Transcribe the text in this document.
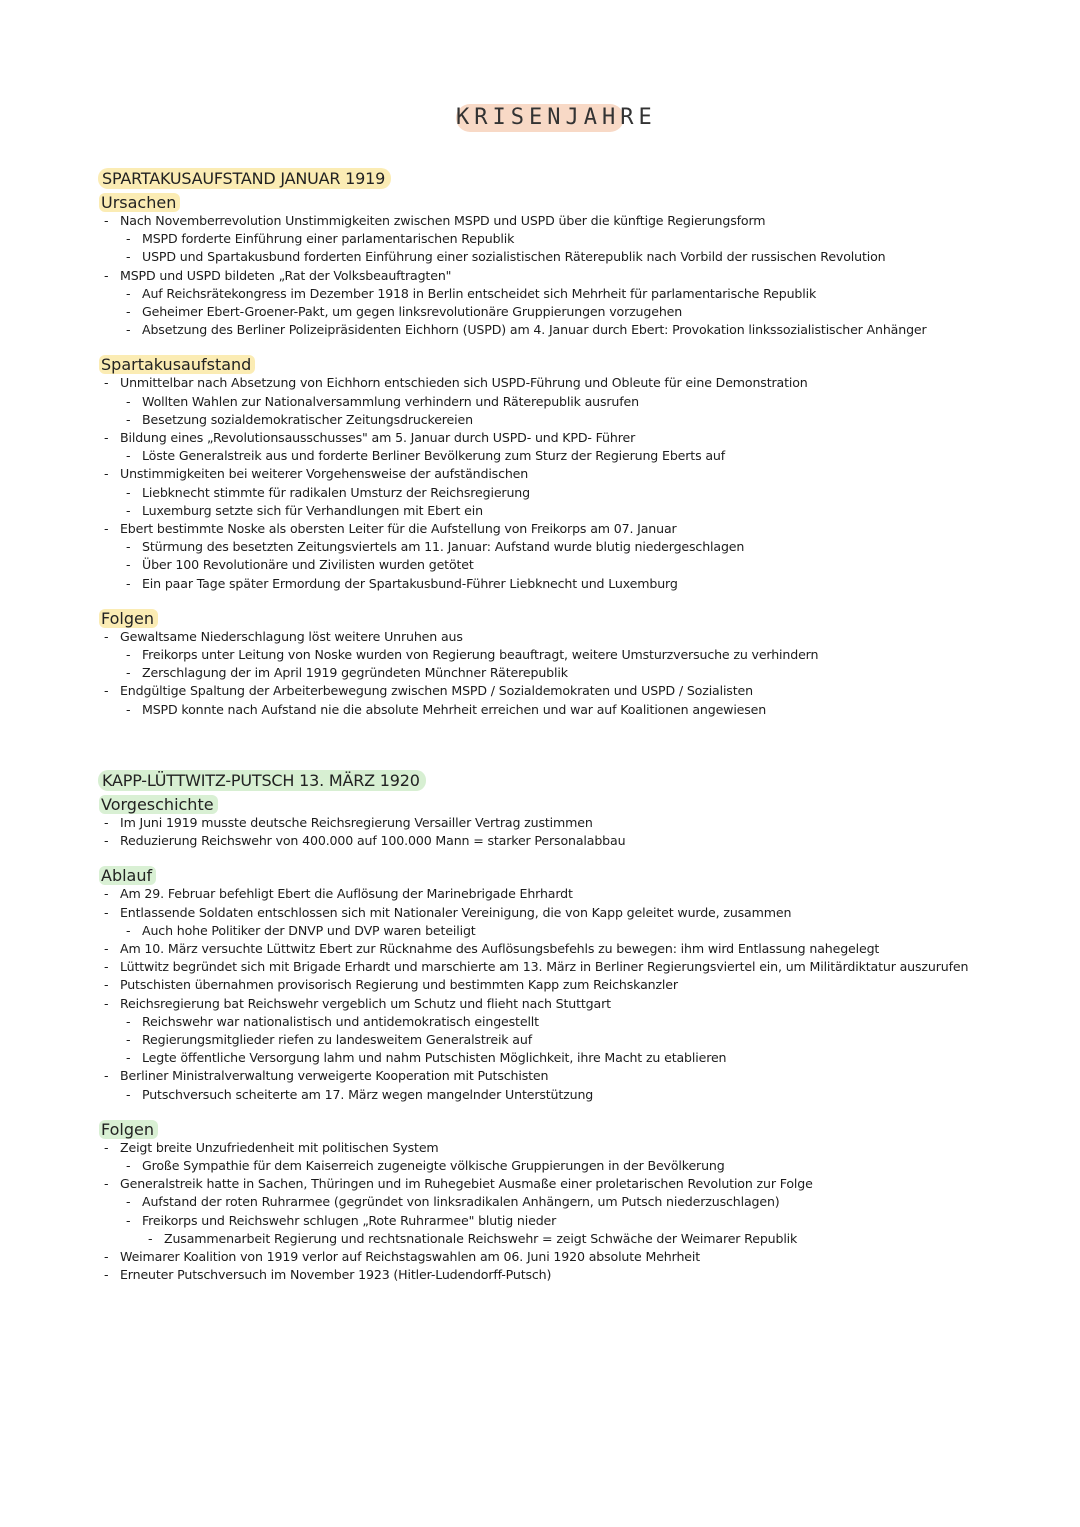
KRISENJAHRE
SPARTAKUSAUFSTAND JANUAR 1919
Ursachen
- Nach Novemberrevolution Unstimmigkeiten zwischen MSPD und USPD über die künftige Regierungsform
- MSPD forderte Einführung einer parlamentarischen Republik
- USPD und Spartakusbund forderten Einführung einer sozialistischen Räterepublik nach Vorbild der russischen Revolution
- MSPD und USPD bildeten „Rat der Volksbeauftragten"
- Auf Reichsrätekongress im Dezember 1918 in Berlin entscheidet sich Mehrheit für parlamentarische Republik
- Geheimer Ebert-Groener-Pakt, um gegen linksrevolutionäre Gruppierungen vorzugehen
- Absetzung des Berliner Polizeipräsidenten Eichhorn (USPD) am 4. Januar durch Ebert: Provokation linkssozialistischer Anhänger
Spartakusaufstand
- Unmittelbar nach Absetzung von Eichhorn entschieden sich USPD-Führung und Obleute für eine Demonstration
- Wollten Wahlen zur Nationalversammlung verhindern und Räterepublik ausrufen
- Besetzung sozialdemokratischer Zeitungsdruckereien
- Bildung eines „Revolutionsausschusses" am 5. Januar durch USPD- und KPD- Führer
- Löste Generalstreik aus und forderte Berliner Bevölkerung zum Sturz der Regierung Eberts auf
- Unstimmigkeiten bei weiterer Vorgehensweise der aufständischen
- Liebknecht stimmte für radikalen Umsturz der Reichsregierung
- Luxemburg setzte sich für Verhandlungen mit Ebert ein
- Ebert bestimmte Noske als obersten Leiter für die Aufstellung von Freikorps am 07. Januar
- Stürmung des besetzten Zeitungsviertels am 11. Januar: Aufstand wurde blutig niedergeschlagen
- Über 100 Revolutionäre und Zivilisten wurden getötet
- Ein paar Tage später Ermordung der Spartakusbund-Führer Liebknecht und Luxemburg
Folgen
- Gewaltsame Niederschlagung löst weitere Unruhen aus
- Freikorps unter Leitung von Noske wurden von Regierung beauftragt, weitere Umsturzversuche zu verhindern
- Zerschlagung der im April 1919 gegründeten Münchner Räterepublik
- Endgültige Spaltung der Arbeiterbewegung zwischen MSPD / Sozialdemokraten und USPD / Sozialisten
- MSPD konnte nach Aufstand nie die absolute Mehrheit erreichen und war auf Koalitionen angewiesen
KAPP-LÜTTWITZ-PUTSCH 13. MÄRZ 1920
Vorgeschichte
- Im Juni 1919 musste deutsche Reichsregierung Versailler Vertrag zustimmen
- Reduzierung Reichswehr von 400.000 auf 100.000 Mann = starker Personalabbau
Ablauf
- Am 29. Februar befehligt Ebert die Auflösung der Marinebrigade Ehrhardt
- Entlassende Soldaten entschlossen sich mit Nationaler Vereinigung, die von Kapp geleitet wurde, zusammen
- Auch hohe Politiker der DNVP und DVP waren beteiligt
- Am 10. März versuchte Lüttwitz Ebert zur Rücknahme des Auflösungsbefehls zu bewegen: ihm wird Entlassung nahegelegt
- Lüttwitz begründet sich mit Brigade Erhardt und marschierte am 13. März in Berliner Regierungsviertel ein, um Militärdiktatur auszurufen
- Putschisten übernahmen provisorisch Regierung und bestimmten Kapp zum Reichskanzler
- Reichsregierung bat Reichswehr vergeblich um Schutz und flieht nach Stuttgart
- Reichswehr war nationalistisch und antidemokratisch eingestellt
- Regierungsmitglieder riefen zu landesweitem Generalstreik auf
- Legte öffentliche Versorgung lahm und nahm Putschisten Möglichkeit, ihre Macht zu etablieren
- Berliner Ministralverwaltung verweigerte Kooperation mit Putschisten
- Putschversuch scheiterte am 17. März wegen mangelnder Unterstützung
Folgen
- Zeigt breite Unzufriedenheit mit politischen System
- Große Sympathie für dem Kaiserreich zugeneigte völkische Gruppierungen in der Bevölkerung
- Generalstreik hatte in Sachen, Thüringen und im Ruhegebiet Ausmaße einer proletarischen Revolution zur Folge
- Aufstand der roten Ruhrarmee (gegründet von linksradikalen Anhängern, um Putsch niederzuschlagen)
- Freikorps und Reichswehr schlugen „Rote Ruhrarmee" blutig nieder
- Zusammenarbeit Regierung und rechtsnationale Reichswehr = zeigt Schwäche der Weimarer Republik
- Weimarer Koalition von 1919 verlor auf Reichstagswahlen am 06. Juni 1920 absolute Mehrheit
- Erneuter Putschversuch im November 1923 (Hitler-Ludendorff-Putsch)
